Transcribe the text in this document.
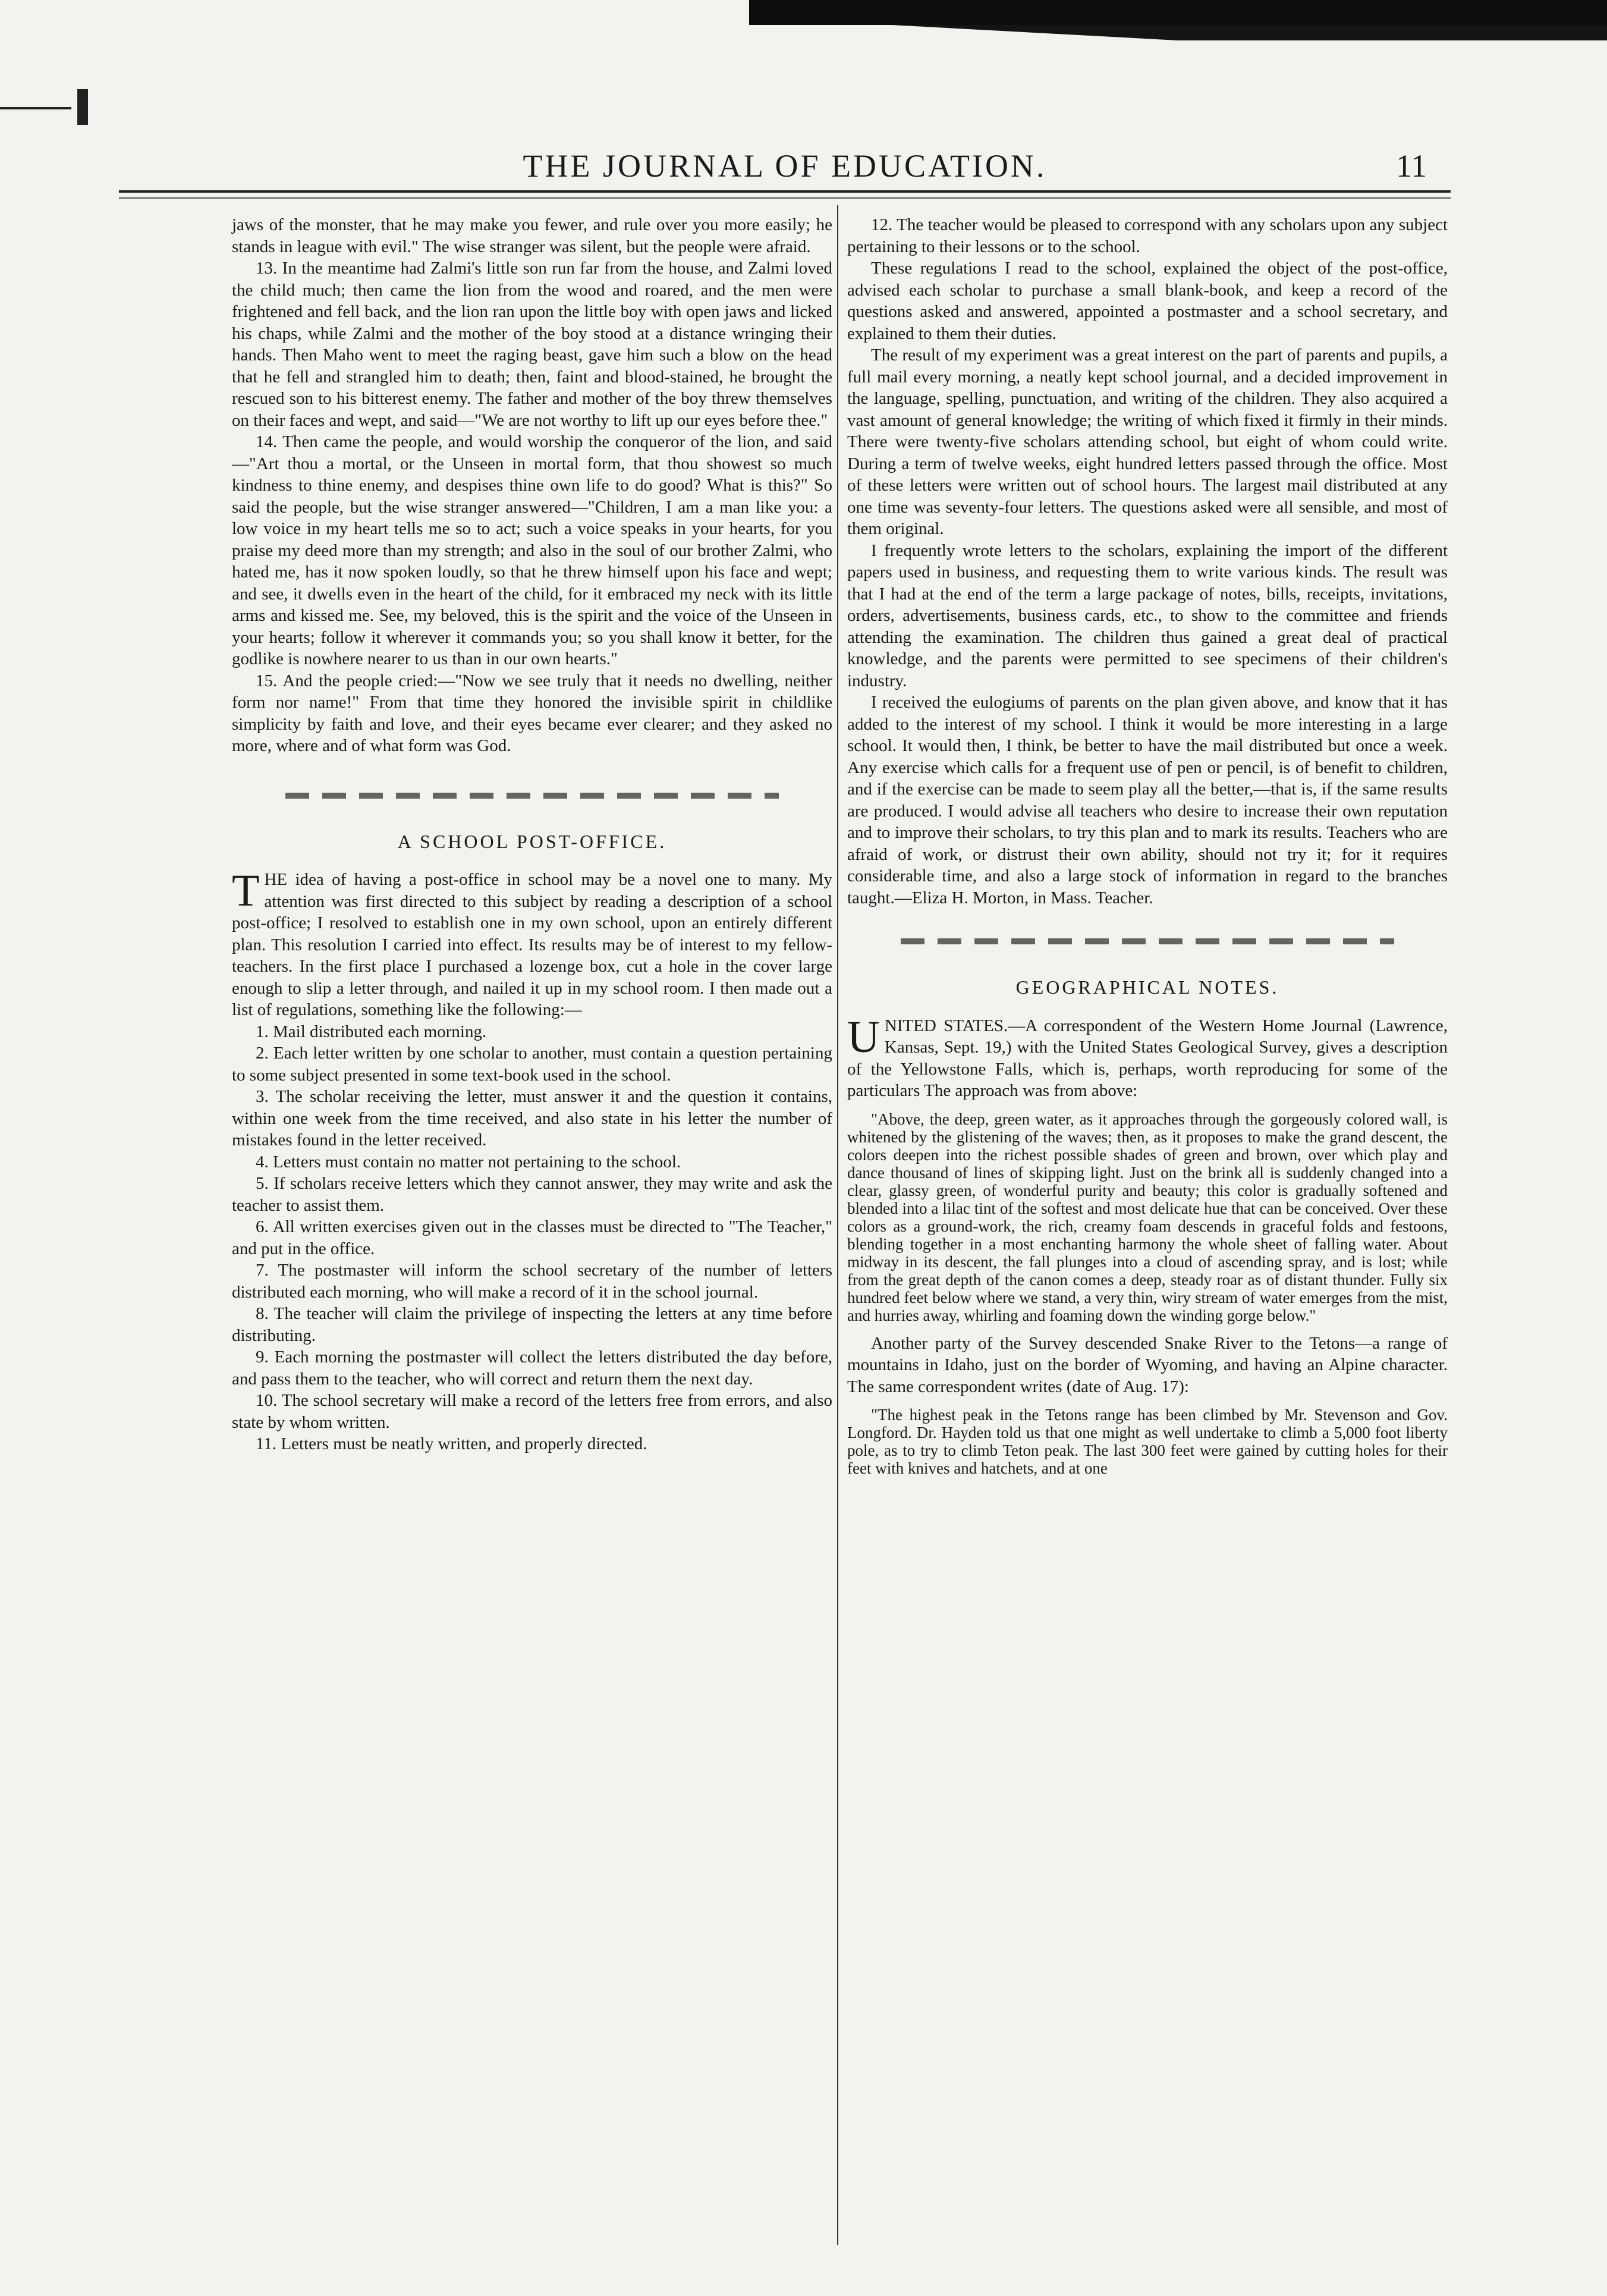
THE JOURNAL OF EDUCATION.	11

jaws of the monster, that he may make you fewer, and rule over you more easily; he stands in league with evil." The wise stranger was silent, but the people were afraid.

13. In the meantime had Zalmi's little son run far from the house, and Zalmi loved the child much; then came the lion from the wood and roared, and the men were frightened and fell back, and the lion ran upon the little boy with open jaws and licked his chaps, while Zalmi and the mother of the boy stood at a distance wringing their hands. Then Maho went to meet the raging beast, gave him such a blow on the head that he fell and strangled him to death; then, faint and blood-stained, he brought the rescued son to his bitterest enemy. The father and mother of the boy threw themselves on their faces and wept, and said—"We are not worthy to lift up our eyes before thee."

14. Then came the people, and would worship the conqueror of the lion, and said—"Art thou a mortal, or the Unseen in mortal form, that thou showest so much kindness to thine enemy, and despises thine own life to do good? What is this?" So said the people, but the wise stranger answered—"Children, I am a man like you: a low voice in my heart tells me so to act; such a voice speaks in your hearts, for you praise my deed more than my strength; and also in the soul of our brother Zalmi, who hated me, has it now spoken loudly, so that he threw himself upon his face and wept; and see, it dwells even in the heart of the child, for it embraced my neck with its little arms and kissed me. See, my beloved, this is the spirit and the voice of the Unseen in your hearts; follow it wherever it commands you; so you shall know it better, for the godlike is nowhere nearer to us than in our own hearts."

15. And the people cried:—"Now we see truly that it needs no dwelling, neither form nor name!" From that time they honored the invisible spirit in childlike simplicity by faith and love, and their eyes became ever clearer; and they asked no more, where and of what form was God.

A SCHOOL POST-OFFICE.

THE idea of having a post-office in school may be a novel one to many. My attention was first directed to this subject by reading a description of a school post-office; I resolved to establish one in my own school, upon an entirely different plan. This resolution I carried into effect. Its results may be of interest to my fellow-teachers. In the first place I purchased a lozenge box, cut a hole in the cover large enough to slip a letter through, and nailed it up in my school room. I then made out a list of regulations, something like the following:—

1. Mail distributed each morning.

2. Each letter written by one scholar to another, must contain a question pertaining to some subject presented in some text-book used in the school.

3. The scholar receiving the letter, must answer it and the question it contains, within one week from the time received, and also state in his letter the number of mistakes found in the letter received.

4. Letters must contain no matter not pertaining to the school.

5. If scholars receive letters which they cannot answer, they may write and ask the teacher to assist them.

6. All written exercises given out in the classes must be directed to "The Teacher," and put in the office.

7. The postmaster will inform the school secretary of the number of letters distributed each morning, who will make a record of it in the school journal.

8. The teacher will claim the privilege of inspecting the letters at any time before distributing.

9. Each morning the postmaster will collect the letters distributed the day before, and pass them to the teacher, who will correct and return them the next day.

10. The school secretary will make a record of the letters free from errors, and also state by whom written.

11. Letters must be neatly written, and properly directed.

12. The teacher would be pleased to correspond with any scholars upon any subject pertaining to their lessons or to the school.

These regulations I read to the school, explained the object of the post-office, advised each scholar to purchase a small blank-book, and keep a record of the questions asked and answered, appointed a postmaster and a school secretary, and explained to them their duties.

The result of my experiment was a great interest on the part of parents and pupils, a full mail every morning, a neatly kept school journal, and a decided improvement in the language, spelling, punctuation, and writing of the children. They also acquired a vast amount of general knowledge; the writing of which fixed it firmly in their minds. There were twenty-five scholars attending school, but eight of whom could write. During a term of twelve weeks, eight hundred letters passed through the office. Most of these letters were written out of school hours. The largest mail distributed at any one time was seventy-four letters. The questions asked were all sensible, and most of them original.

I frequently wrote letters to the scholars, explaining the import of the different papers used in business, and requesting them to write various kinds. The result was that I had at the end of the term a large package of notes, bills, receipts, invitations, orders, advertisements, business cards, etc., to show to the committee and friends attending the examination. The children thus gained a great deal of practical knowledge, and the parents were permitted to see specimens of their children's industry.

I received the eulogiums of parents on the plan given above, and know that it has added to the interest of my school. I think it would be more interesting in a large school. It would then, I think, be better to have the mail distributed but once a week. Any exercise which calls for a frequent use of pen or pencil, is of benefit to children, and if the exercise can be made to seem play all the better,—that is, if the same results are produced. I would advise all teachers who desire to increase their own reputation and to improve their scholars, to try this plan and to mark its results. Teachers who are afraid of work, or distrust their own ability, should not try it; for it requires considerable time, and also a large stock of information in regard to the branches taught.—Eliza H. Morton, in Mass. Teacher.

GEOGRAPHICAL NOTES.

UNITED STATES.—A correspondent of the Western Home Journal (Lawrence, Kansas, Sept. 19,) with the United States Geological Survey, gives a description of the Yellowstone Falls, which is, perhaps, worth reproducing for some of the particulars The approach was from above:

"Above, the deep, green water, as it approaches through the gorgeously colored wall, is whitened by the glistening of the waves; then, as it proposes to make the grand descent, the colors deepen into the richest possible shades of green and brown, over which play and dance thousand of lines of skipping light. Just on the brink all is suddenly changed into a clear, glassy green, of wonderful purity and beauty; this color is gradually softened and blended into a lilac tint of the softest and most delicate hue that can be conceived. Over these colors as a ground-work, the rich, creamy foam descends in graceful folds and festoons, blending together in a most enchanting harmony the whole sheet of falling water. About midway in its descent, the fall plunges into a cloud of ascending spray, and is lost; while from the great depth of the canon comes a deep, steady roar as of distant thunder. Fully six hundred feet below where we stand, a very thin, wiry stream of water emerges from the mist, and hurries away, whirling and foaming down the winding gorge below."

Another party of the Survey descended Snake River to the Tetons—a range of mountains in Idaho, just on the border of Wyoming, and having an Alpine character. The same correspondent writes (date of Aug. 17):

"The highest peak in the Tetons range has been climbed by Mr. Stevenson and Gov. Longford. Dr. Hayden told us that one might as well undertake to climb a 5,000 foot liberty pole, as to try to climb Teton peak. The last 300 feet were gained by cutting holes for their feet with knives and hatchets, and at one
